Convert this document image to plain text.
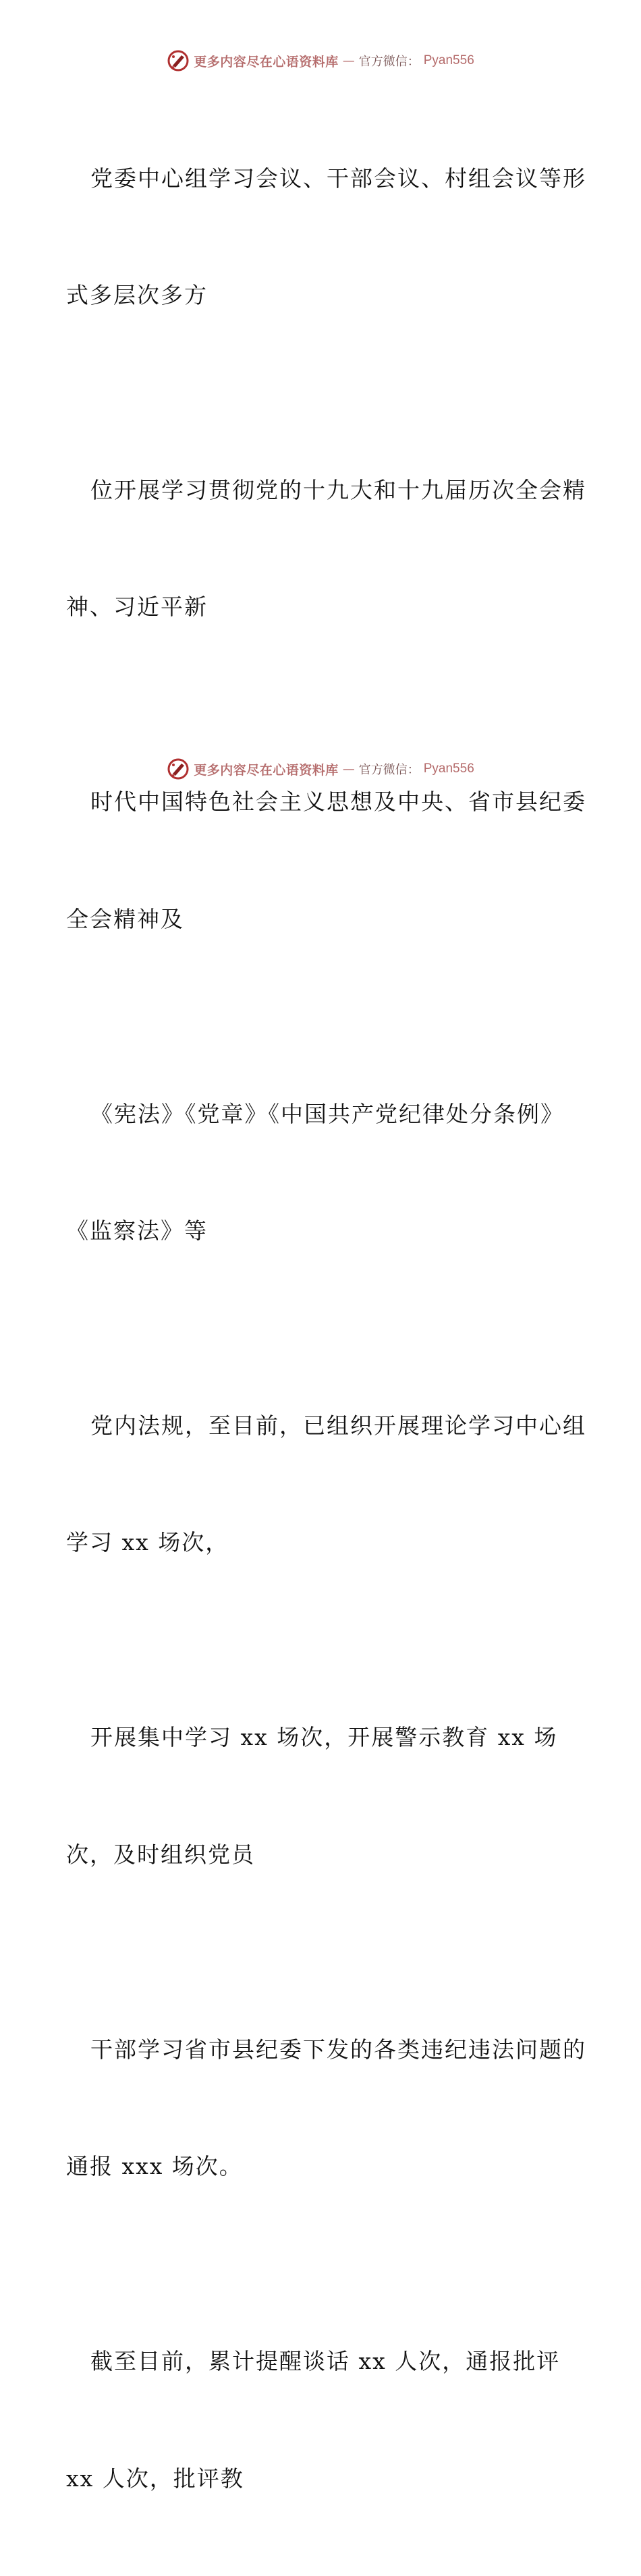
更多内容尽在心语资料库 — 官方微信： Pyan556

党委中心组学习会议、干部会议、村组会议等形

式多层次多方

位开展学习贯彻党的十九大和十九届历次全会精

神、习近平新

时代中国特色社会主义思想及中央、省市县纪委

全会精神及

《宪法》《党章》《中国共产党纪律处分条例》

《监察法》等

党内法规，至目前，已组织开展理论学习中心组

学习 xx 场次，

开展集中学习 xx 场次，开展警示教育 xx 场

次，及时组织党员

干部学习省市县纪委下发的各类违纪违法问题的

通报 xxx 场次。

截至目前，累计提醒谈话 xx 人次，通报批评

xx 人次，批评教

更多内容尽在心语资料库 — 官方微信： Pyan556
